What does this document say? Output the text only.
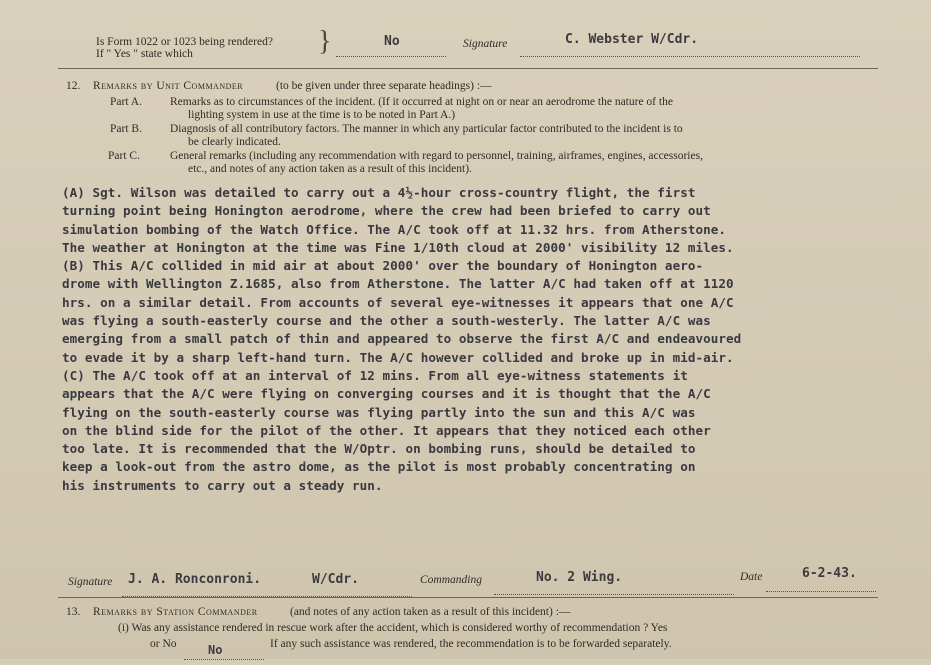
Is Form 1022 or 1023 being rendered?
If " Yes " state which	}	No	Signature	C. Webster W/Cdr.
12. Remarks by Unit Commander	(to be given under three separate headings) :—
Part A. Remarks as to circumstances of the incident. (If it occurred at night on or near an aerodrome the nature of the
lighting system in use at the time is to be noted in Part A.)
Part B. Diagnosis of all contributory factors. The manner in which any particular factor contributed to the incident is to
be clearly indicated.
Part C.	General remarks (including any recommendation with regard to personnel, training, airframes, engines, accessories,
etc., and notes of any action taken as a result of this incident).
(A) Sgt. Wilson was detailed to carry out a 4½-hour cross-country flight, the first
turning point being Honington aerodrome, where the crew had been briefed to carry out
simulation bombing of the Watch Office. The A/C took off at 11.32 hrs. from Atherstone.
The weather at Honington at the time was Fine 1/10th cloud at 2000' visibility 12 miles.
(B) This A/C collided in mid air at about 2000' over the boundary of Honington aero-
drome with Wellington Z.1685, also from Atherstone. The latter A/C had taken off at 1120
hrs. on a similar detail. From accounts of several eye-witnesses it appears that one A/C
was flying a south-easterly course and the other a south-westerly. The latter A/C was
emerging from a small patch of thin and appeared to observe the first A/C and endeavoured
to evade it by a sharp left-hand turn. The A/C however collided and broke up in mid-air.
(C) The A/C took off at an interval of 12 mins. From all eye-witness statements it
appears that the A/C were flying on converging courses and it is thought that the A/C
flying on the south-easterly course was flying partly into the sun and this A/C was
on the blind side for the pilot of the other. It appears that they noticed each other
too late. It is recommended that the W/Optr. on bombing runs, should be detailed to
keep a look-out from the astro dome, as the pilot is most probably concentrating on
his instruments to carry out a steady run.
Signature J. A. Ronconroni.	W/Cdr.	Commanding	No. 2 Wing.	Date	6-2-43.
13. Remarks by Station Commander	(and notes of any action taken as a result of this incident) :—
(i) Was any assistance rendered in rescue work after the accident, which is considered worthy of recommendation ? Yes
or No	No	If any such assistance was rendered, the recommendation is to be forwarded separately.
